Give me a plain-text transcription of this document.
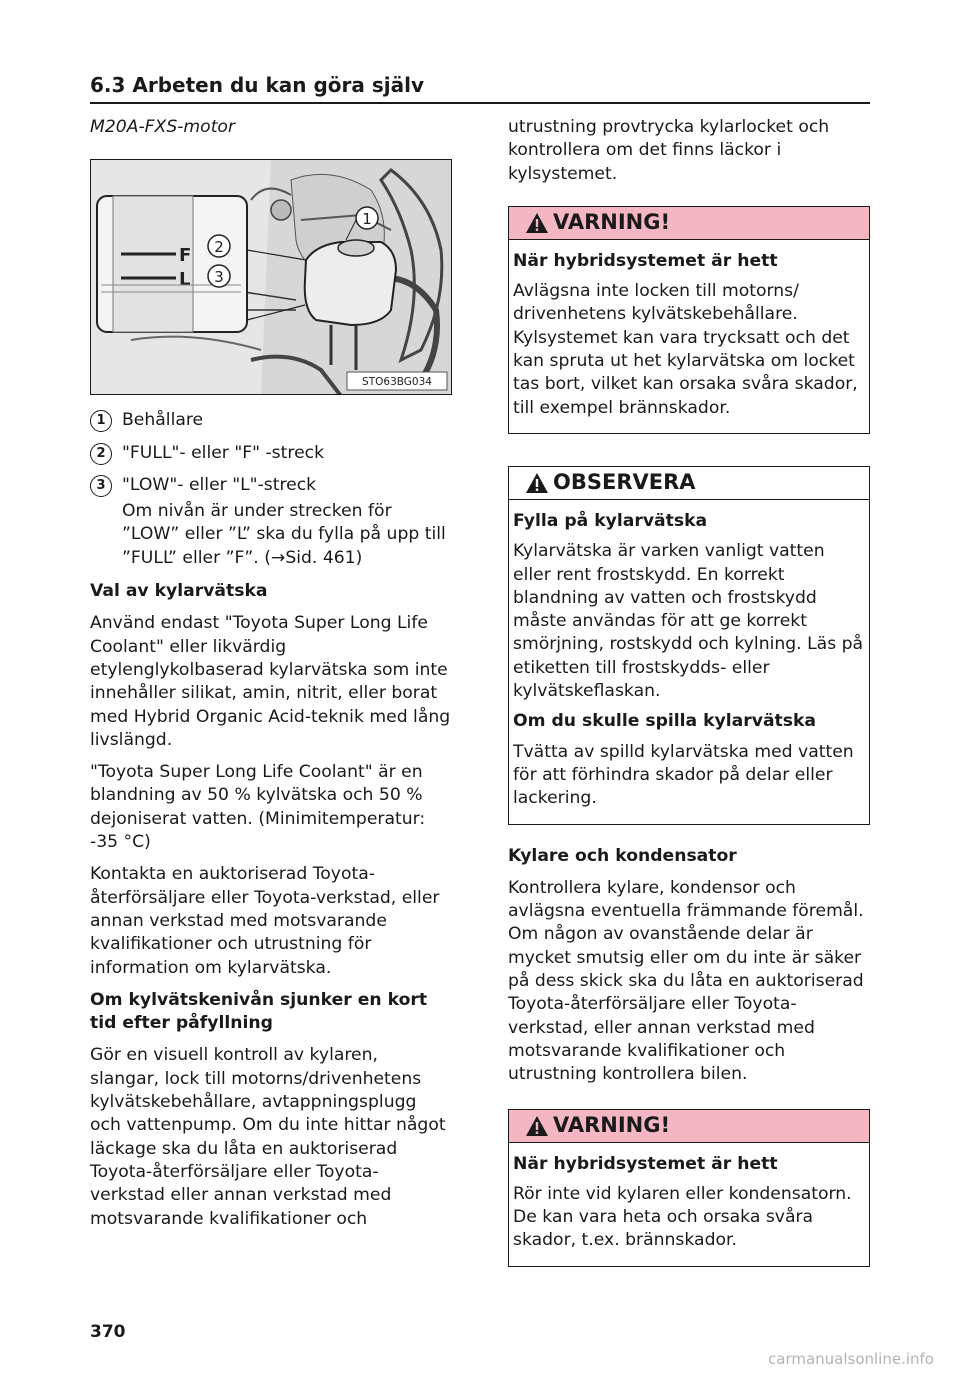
6.3 Arbeten du kan göra själv

M20A-FXS-motor

F
L
1
2
3
STO63BG034
1 Behållare
2 "FULL"- eller "F" -streck
3 "LOW"- eller "L"-streck

Om nivån är under strecken för ”LOW” eller ”L” ska du fylla på upp till ”FULL” eller ”F”. (→Sid. 461)

Val av kylarvätska

Använd endast "Toyota Super Long Life Coolant" eller likvärdig etylenglykolbaserad kylarvätska som inte innehåller silikat, amin, nitrit, eller borat med Hybrid Organic Acid-teknik med lång livslängd.

"Toyota Super Long Life Coolant" är en blandning av 50 % kylvätska och 50 % dejoniserat vatten. (Minimitemperatur: -35 °C)

Kontakta en auktoriserad Toyota-återförsäljare eller Toyota-verkstad, eller annan verkstad med motsvarande kvalifikationer och utrustning för information om kylarvätska.

Om kylvätskenivån sjunker en kort tid efter påfyllning

Gör en visuell kontroll av kylaren, slangar, lock till motorns/drivenhetens kylvätskebehållare, avtappningsplugg och vattenpump. Om du inte hittar något läckage ska du låta en auktoriserad Toyota-återförsäljare eller Toyota-verkstad eller annan verkstad med motsvarande kvalifikationer och

utrustning provtrycka kylarlocket och kontrollera om det finns läckor i kylsystemet.

VARNING!

När hybridsystemet är hett

Avlägsna inte locken till motorns/ drivenhetens kylvätskebehållare. Kylsystemet kan vara trycksatt och det kan spruta ut het kylarvätska om locket tas bort, vilket kan orsaka svåra skador, till exempel brännskador.

OBSERVERA

Fylla på kylarvätska

Kylarvätska är varken vanligt vatten eller rent frostskydd. En korrekt blandning av vatten och frostskydd måste användas för att ge korrekt smörjning, rostskydd och kylning. Läs på etiketten till frostskydds- eller kylvätskeflaskan.

Om du skulle spilla kylarvätska

Tvätta av spilld kylarvätska med vatten för att förhindra skador på delar eller lackering.

Kylare och kondensator

Kontrollera kylare, kondensor och avlägsna eventuella främmande föremål. Om någon av ovanstående delar är mycket smutsig eller om du inte är säker på dess skick ska du låta en auktoriserad Toyota-återförsäljare eller Toyota-verkstad, eller annan verkstad med motsvarande kvalifikationer och utrustning kontrollera bilen.

VARNING!

När hybridsystemet är hett

Rör inte vid kylaren eller kondensatorn. De kan vara heta och orsaka svåra skador, t.ex. brännskador.

370
carmanualsonline.info
